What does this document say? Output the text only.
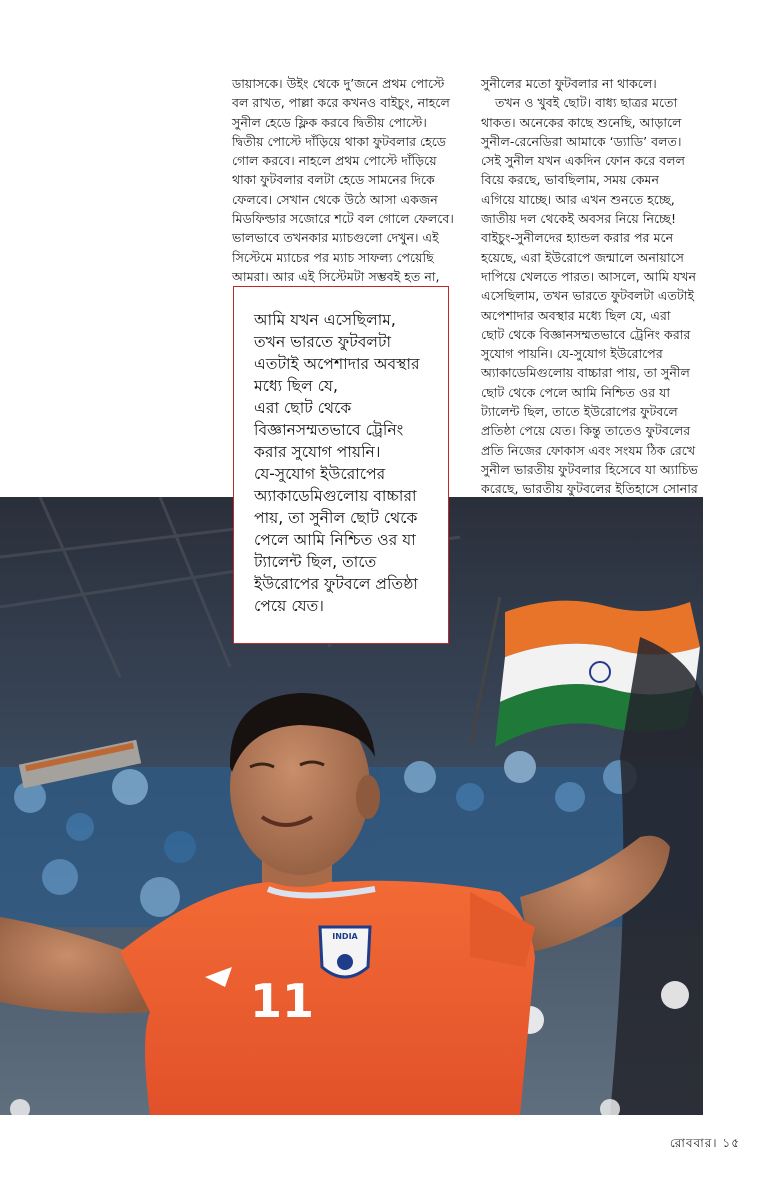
ডায়াসকে। উইং থেকে দু’জনে প্রথম পোস্টে
বল রাখত, পাল্লা করে কখনও বাইচুং, নাহলে
সুনীল হেডে ফ্লিক করবে দ্বিতীয় পোস্টে।
দ্বিতীয় পোস্টে দাঁড়িয়ে থাকা ফুটবলার হেডে
গোল করবে। নাহলে প্রথম পোস্টে দাঁড়িয়ে
থাকা ফুটবলার বলটা হেডে সামনের দিকে
ফেলবে। সেখান থেকে উঠে আসা একজন
মিডফিল্ডার সজোরে শটে বল গোলে ফেলবে।
ভালভাবে তখনকার ম্যাচগুলো দেখুন। এই
সিস্টেমে ম্যাচের পর ম্যাচ সাফল্য পেয়েছি
আমরা। আর এই সিস্টেমটা সম্ভবই হত না,
সুনীলের মতো ফুটবলার না থাকলে।
তখন ও খুবই ছোট। বাধ্য ছাত্রর মতো
থাকত। অনেকের কাছে শুনেছি, আড়ালে
সুনীল-রেনেডিরা আমাকে ‘ড্যাডি’ বলত।
সেই সুনীল যখন একদিন ফোন করে বলল
বিয়ে করছে, ভাবছিলাম, সময় কেমন
এগিয়ে যাচ্ছে। আর এখন শুনতে হচ্ছে,
জাতীয় দল থেকেই অবসর নিয়ে নিচ্ছে!
বাইচুং-সুনীলদের হ্যান্ডল করার পর মনে
হয়েছে, এরা ইউরোপে জন্মালে অনায়াসে
দাপিয়ে খেলতে পারত। আসলে, আমি যখন
এসেছিলাম, তখন ভারতে ফুটবলটা এতটাই
অপেশাদার অবস্থার মধ্যে ছিল যে, এরা
ছোট থেকে বিজ্ঞানসম্মতভাবে ট্রেনিং করার
সুযোগ পায়নি। যে-সুযোগ ইউরোপের
অ্যাকাডেমিগুলোয় বাচ্চারা পায়, তা সুনীল
ছোট থেকে পেলে আমি নিশ্চিত ওর যা
ট্যালেন্ট ছিল, তাতে ইউরোপের ফুটবলে
প্রতিষ্ঠা পেয়ে যেত। কিন্তু তাতেও ফুটবলের
প্রতি নিজের ফোকাস এবং সংযম ঠিক রেখে
সুনীল ভারতীয় ফুটবলার হিসেবে যা অ্যাচিভ
করেছে, ভারতীয় ফুটবলের ইতিহাসে সোনার
INDIA
11
আমি যখন এসেছিলাম,
তখন ভারতে ফুটবলটা
এতটাই অপেশাদার অবস্থার
মধ্যে ছিল যে,
এরা ছোট থেকে
বিজ্ঞানসম্মতভাবে ট্রেনিং
করার সুযোগ পায়নি।
যে-সুযোগ ইউরোপের
অ্যাকাডেমিগুলোয় বাচ্চারা
পায়, তা সুনীল ছোট থেকে
পেলে আমি নিশ্চিত ওর যা
ট্যালেন্ট ছিল, তাতে
ইউরোপের ফুটবলে প্রতিষ্ঠা
পেয়ে যেত।
রোববার। ১৫
